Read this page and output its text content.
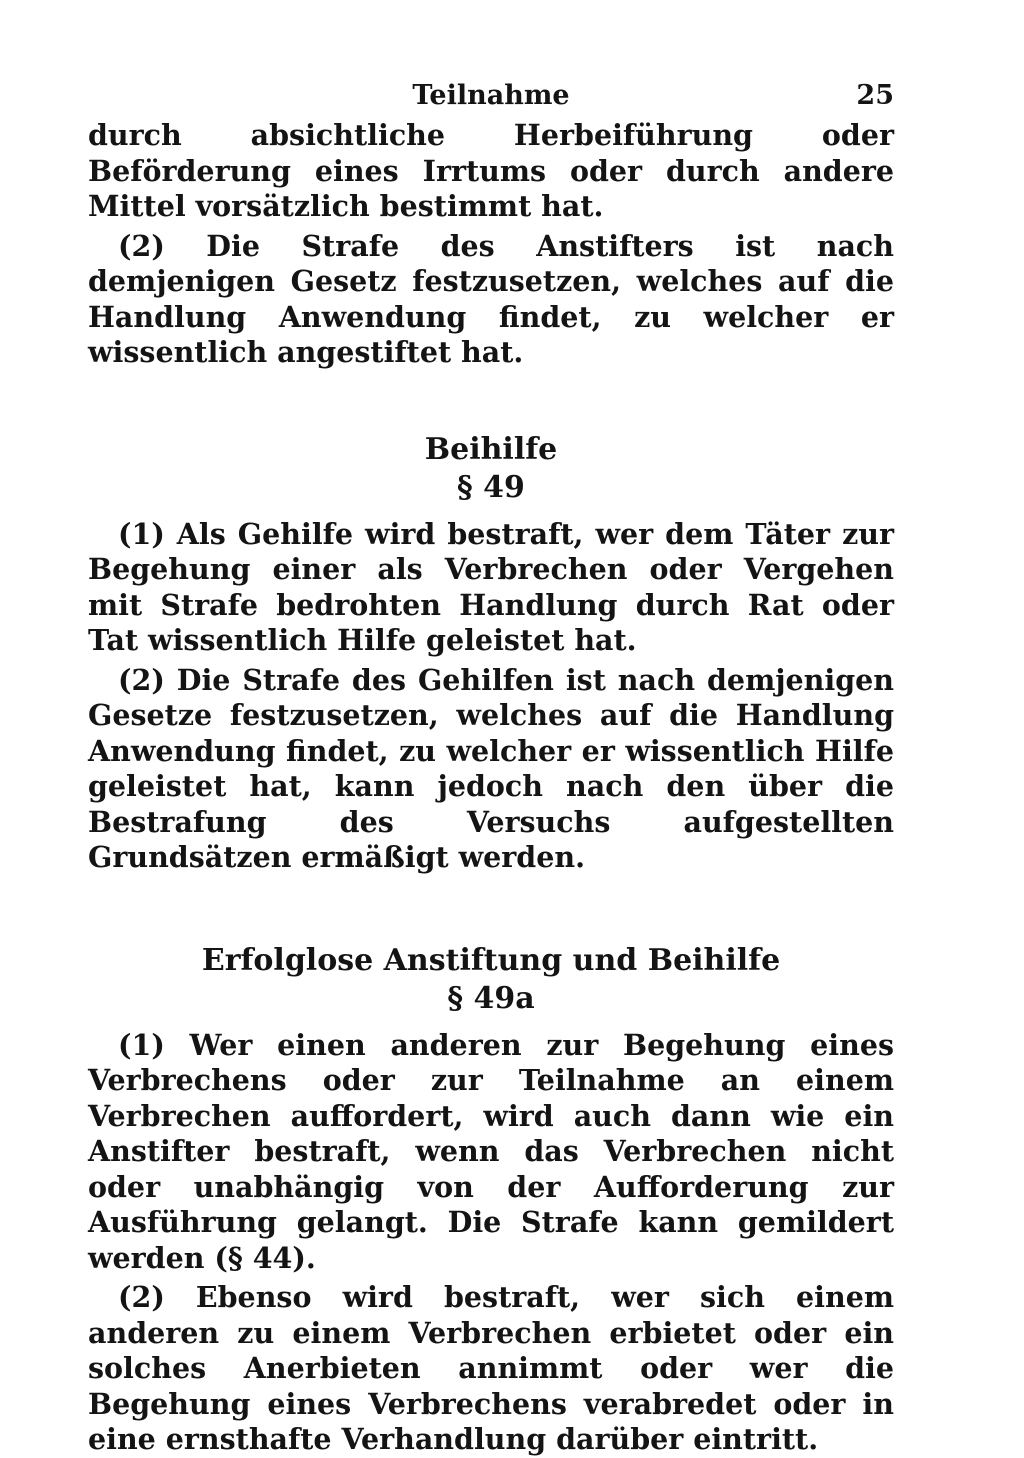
Teilnahme	25

durch absichtliche Herbeiführung oder Beförderung eines Irrtums oder durch andere Mittel vorsätzlich bestimmt hat.

(2) Die Strafe des Anstifters ist nach demjenigen Gesetz festzusetzen, welches auf die Handlung Anwendung findet, zu welcher er wissentlich angestiftet hat.

Beihilfe
§ 49

(1) Als Gehilfe wird bestraft, wer dem Täter zur Begehung einer als Verbrechen oder Vergehen mit Strafe bedrohten Handlung durch Rat oder Tat wissentlich Hilfe geleistet hat.

(2) Die Strafe des Gehilfen ist nach demjenigen Gesetze festzusetzen, welches auf die Handlung Anwendung findet, zu welcher er wissentlich Hilfe geleistet hat, kann jedoch nach den über die Bestrafung des Versuchs aufgestellten Grundsätzen ermäßigt werden.

Erfolglose Anstiftung und Beihilfe
§ 49a

(1) Wer einen anderen zur Begehung eines Verbrechens oder zur Teilnahme an einem Verbrechen auffordert, wird auch dann wie ein Anstifter bestraft, wenn das Verbrechen nicht oder unabhängig von der Aufforderung zur Ausführung gelangt. Die Strafe kann gemildert werden (§ 44).

(2) Ebenso wird bestraft, wer sich einem anderen zu einem Verbrechen erbietet oder ein solches Anerbieten annimmt oder wer die Begehung eines Verbrechens verabredet oder in eine ernsthafte Verhandlung darüber eintritt.
